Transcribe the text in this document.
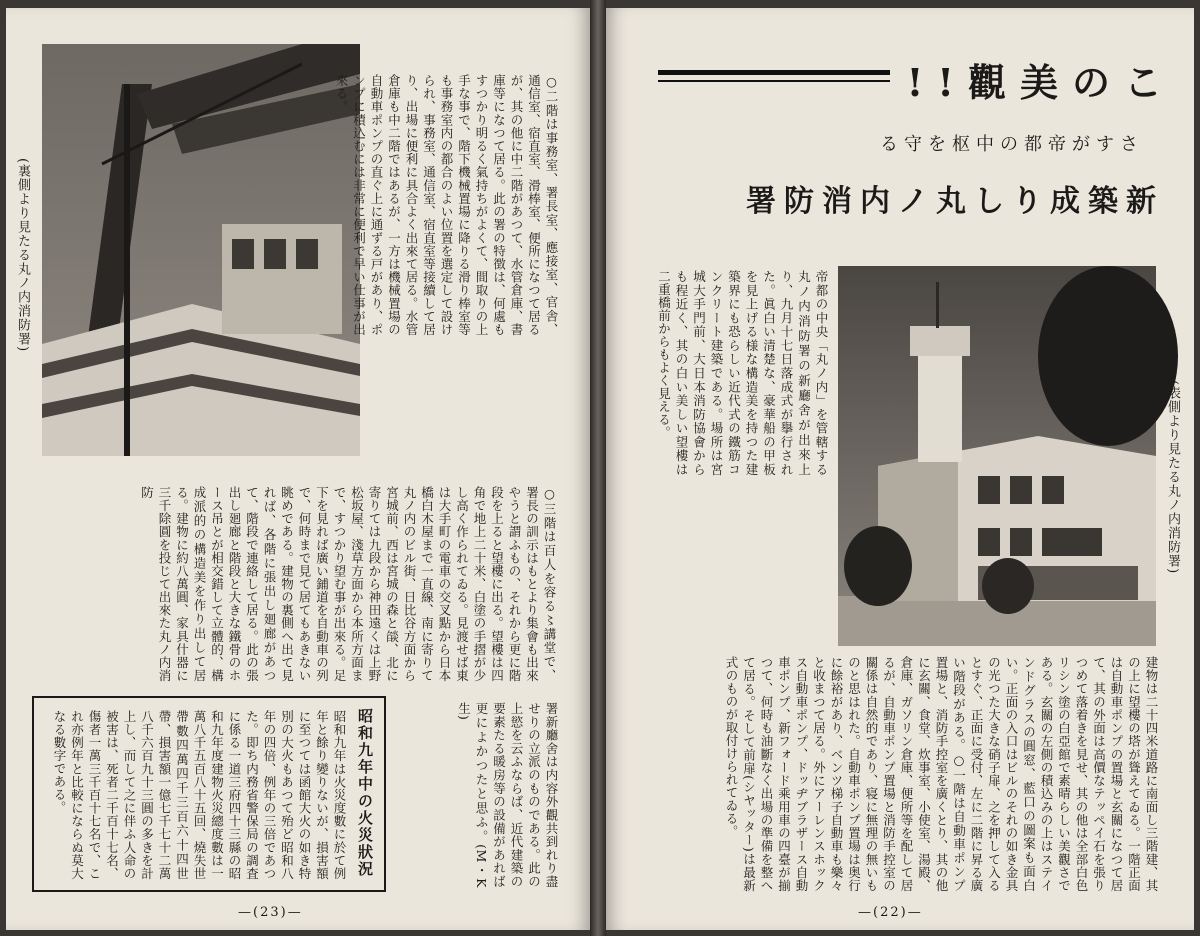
(裏側より見たる丸ノ内消防署)	○二階は事務室、署長室、應接室、官舎、通信室、宿直室、滑棒室、便所になつて居るが、其の他に中二階があつて、水管倉庫、書庫等になつて居る。此の署の特徴は、何處もすつかり明るく氣持ちがよくて、間取りの上手な事で、階下機械置場に降りる滑り棒室等も事務室内の都合のよい位置を選定して設けられ、事務室、通信室、宿直室等接續して居り、出場に便利に具合よく出來て居る。水管倉庫も中二階ではあるが、一方は機械置場の自動車ポンプの直ぐ上に通ずる戸があり、ポンプに積込むには非常に便利で早い仕事が出來る。
○三階は百人を容る〻講堂で、署長の訓示はもとより集會も出來やうと謂ふもの、それから更に階段を上ると望樓に出る。望樓は四角で地上二十米、白塗の手摺が少し高く作られてゐる。見渡せば東は大手町の電車の交叉點から日本橋白木屋まで一直線、南に寄りて丸ノ内のビル街、日比谷方面から宮城前、西は宮城の森と燄、北に寄りては九段から神田遠くは上野松坂屋、淺草方面から本所方面まで、すつかり望む事が出來る。足下を見れば廣い鋪道を自動車の列で、何時まで見て居てもあきない眺めである。建物の裏側へ出て見れば、各階に張出し廻廊があつて、階段で連絡して居る。此の張出し廻廊と階段と大きな鐵骨のホース吊とが相交錯して立體的、構成派的の構造美を作り出して居る。建物に約八萬圓、家具什器に三千除圓を投じて出來た丸ノ内消防
昭和九年中の火災狀況
昭和九年は火災度數に於て例年と餘り變りないが、損害額に至つては函館大火の如き特別の大火もあつて殆ど昭和八年の四倍、例年の三倍であつた。即ち内務省警保局の調査に係る一道三府四十三縣の昭和九年度建物火災總度數は一萬八千五百八十五回、燒失世帶數四萬四千三百六十四世帶、損害額一億七千七十二萬八千六百九十三圓の多きを計上し、而して之に伴ふ人命の被害は、死者二千百十七名、傷者一萬三千百十七名で、これ亦例年と比較にならぬ莫大なる數字である。	署新廳舍は内容外觀共到れり盡せりの立派のものである。此の上慾を云ふならば、近代建築の要素たる暖房等の設備があれば更によかつたと思ふ。(M・K生)
—(23)—
この美觀!!
さすが帝都の中枢を守る
新築成りし丸ノ内消防署
帝都の中央「丸ノ内」を管轄する丸ノ内消防署の新廳舍が出來上り、九月十七日落成式が擧行された。眞白い清楚な、豪華船の甲板を見上げる様な構造美を持つた建築界にも恐らしい近代式の鐵筋コンクリート建築である。場所は宮城大手門前、大日本消防協會からも程近く、其の白い美しい望樓は二重橋前からもよく見える。
(表側より見たる丸ノ内消防署)
建物は二十四米道路に南面し三階建、其の上に望樓の塔が聳えてゐる。一階正面は自動車ポンプの置場と玄關になつて居て、其の外面は高價なテッペイ石を張りつめて落着きを見せ、其の他は全部白色リシン塗の白亞館で素晴らしい美觀さである。玄關の左側の積込みの上はステインドグラスの圓窓、藍口の圖案も面白い。正面の入口はビルのそれの如き金具の光つた大きな硝子扉、之を押して入るとすぐ、正面に受付、左に二階に昇る廣い階段がある。○一階は自動車ポンプ置場と、消防手控室を廣くとり、其の他に玄關、食堂、炊事室、小使室、湯殿、倉庫、ガソリン倉庫、便所等を配して居るが、自動車ポンプ置場と消防手控室の關係は自然的であり、寝に無理の無いものと思はれた。自動車ポンプ置場は奥行に餘裕があり、ベンツ梯子自動車も樂々と收まつて居る。外にアーレンスホックス自動車ポンプ、ドッヂブラザース自動車ポンプ、新フォード乘用車の四臺が揃つて、何時も油斷なく出場の準備を整へて居る。そして前扉(シヤッター)は最新式のものが取付けられてゐる。
—(22)—
